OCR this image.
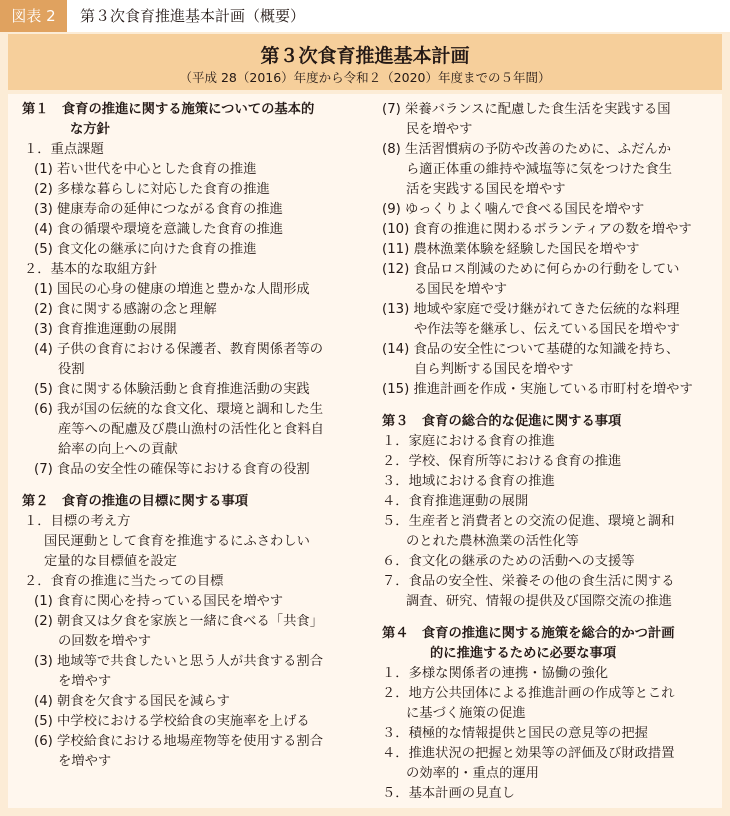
図表 2	第３次食育推進基本計画（概要）
第３次食育推進基本計画
（平成 28（2016）年度から令和２（2020）年度までの５年間）
第１　食育の推進に関する施策についての基本的
な方針
１．重点課題
(1) 若い世代を中心とした食育の推進
(2) 多様な暮らしに対応した食育の推進
(3) 健康寿命の延伸につながる食育の推進
(4) 食の循環や環境を意識した食育の推進
(5) 食文化の継承に向けた食育の推進
２．基本的な取組方針
(1) 国民の心身の健康の増進と豊かな人間形成
(2) 食に関する感謝の念と理解
(3) 食育推進運動の展開
(4) 子供の食育における保護者、教育関係者等の
役割
(5) 食に関する体験活動と食育推進活動の実践
(6) 我が国の伝統的な食文化、環境と調和した生
産等への配慮及び農山漁村の活性化と食料自
給率の向上への貢献
(7) 食品の安全性の確保等における食育の役割
第２　食育の推進の目標に関する事項
１．目標の考え方
国民運動として食育を推進するにふさわしい
定量的な目標値を設定
２．食育の推進に当たっての目標
(1) 食育に関心を持っている国民を増やす
(2) 朝食又は夕食を家族と一緒に食べる「共食」
の回数を増やす
(3) 地域等で共食したいと思う人が共食する割合
を増やす
(4) 朝食を欠食する国民を減らす
(5) 中学校における学校給食の実施率を上げる
(6) 学校給食における地場産物等を使用する割合
を増やす
(7) 栄養バランスに配慮した食生活を実践する国
民を増やす
(8) 生活習慣病の予防や改善のために、ふだんか
ら適正体重の維持や減塩等に気をつけた食生
活を実践する国民を増やす
(9) ゆっくりよく噛んで食べる国民を増やす
(10) 食育の推進に関わるボランティアの数を増やす
(11) 農林漁業体験を経験した国民を増やす
(12) 食品ロス削減のために何らかの行動をしてい
る国民を増やす
(13) 地域や家庭で受け継がれてきた伝統的な料理
や作法等を継承し、伝えている国民を増やす
(14) 食品の安全性について基礎的な知識を持ち、
自ら判断する国民を増やす
(15) 推進計画を作成・実施している市町村を増やす
第３　食育の総合的な促進に関する事項
１．家庭における食育の推進
２．学校、保育所等における食育の推進
３．地域における食育の推進
４．食育推進運動の展開
５．生産者と消費者との交流の促進、環境と調和
のとれた農林漁業の活性化等
６．食文化の継承のための活動への支援等
７．食品の安全性、栄養その他の食生活に関する
調査、研究、情報の提供及び国際交流の推進
第４　食育の推進に関する施策を総合的かつ計画
的に推進するために必要な事項
１．多様な関係者の連携・協働の強化
２．地方公共団体による推進計画の作成等とこれ
に基づく施策の促進
３．積極的な情報提供と国民の意見等の把握
４．推進状況の把握と効果等の評価及び財政措置
の効率的・重点的運用
５．基本計画の見直し
